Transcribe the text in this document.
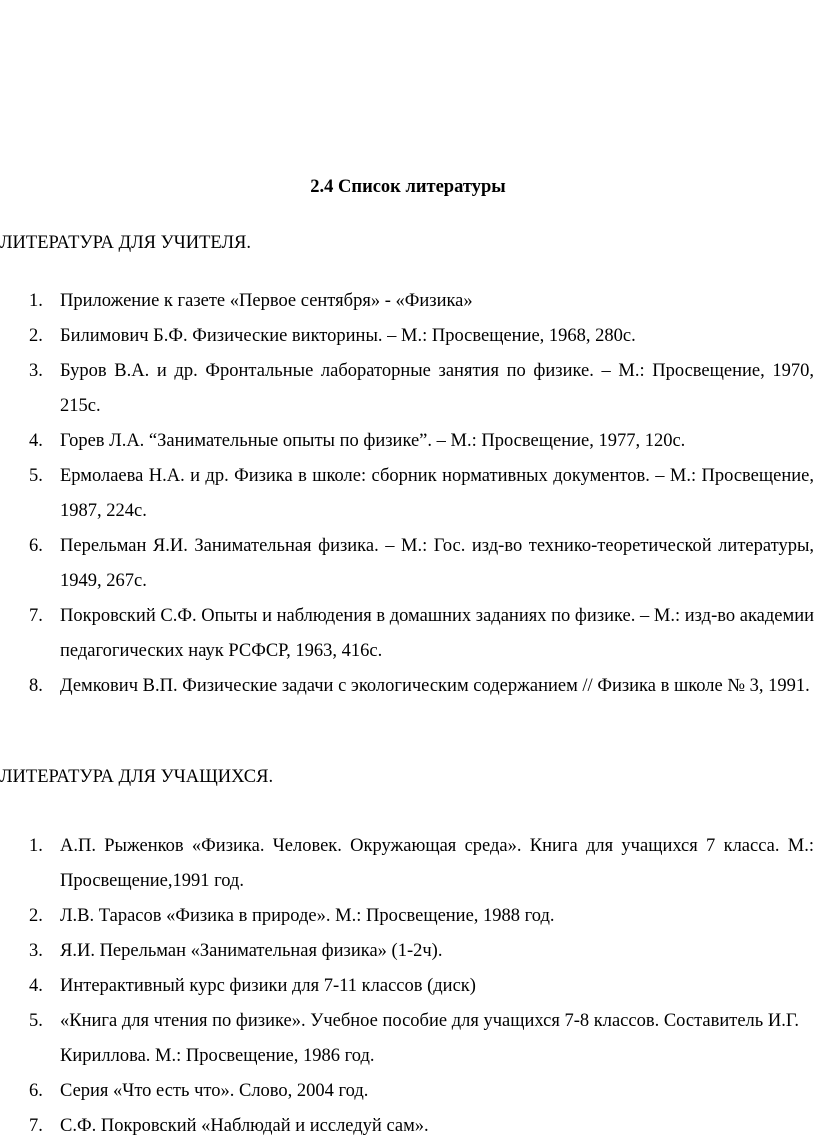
2.4 Список литературы
ЛИТЕРАТУРА ДЛЯ УЧИТЕЛЯ.
1. Приложение к газете «Первое сентября» - «Физика»
2. Билимович Б.Ф. Физические викторины. – М.: Просвещение, 1968, 280с.
3. Буров В.А. и др. Фронтальные лабораторные занятия по физике. – М.: Просвещение, 1970, 215с.
4. Горев Л.А. “Занимательные опыты по физике”. – М.: Просвещение, 1977, 120с.
5. Ермолаева Н.А. и др. Физика в школе: сборник нормативных документов. – М.: Просвещение, 1987, 224с.
6. Перельман Я.И. Занимательная физика. – М.: Гос. изд-во технико-теоретической литературы, 1949, 267с.
7. Покровский С.Ф. Опыты и наблюдения в домашних заданиях по физике. – М.: изд-во академии педагогических наук РСФСР, 1963, 416с.
8. Демкович В.П. Физические задачи с экологическим содержанием // Физика в школе № 3, 1991.
ЛИТЕРАТУРА ДЛЯ УЧАЩИХСЯ.
1. А.П. Рыженков «Физика. Человек. Окружающая среда». Книга для учащихся 7 класса. М.: Просвещение,1991 год.
2. Л.В. Тарасов «Физика в природе». М.: Просвещение, 1988 год.
3. Я.И. Перельман «Занимательная физика» (1-2ч).
4. Интерактивный курс физики для 7-11 классов (диск)
5. «Книга для чтения по физике». Учебное пособие для учащихся 7-8 классов. Составитель И.Г. Кириллова. М.: Просвещение, 1986 год.
6. Серия «Что есть что». Слово, 2004 год.
7. С.Ф. Покровский «Наблюдай и исследуй сам».
